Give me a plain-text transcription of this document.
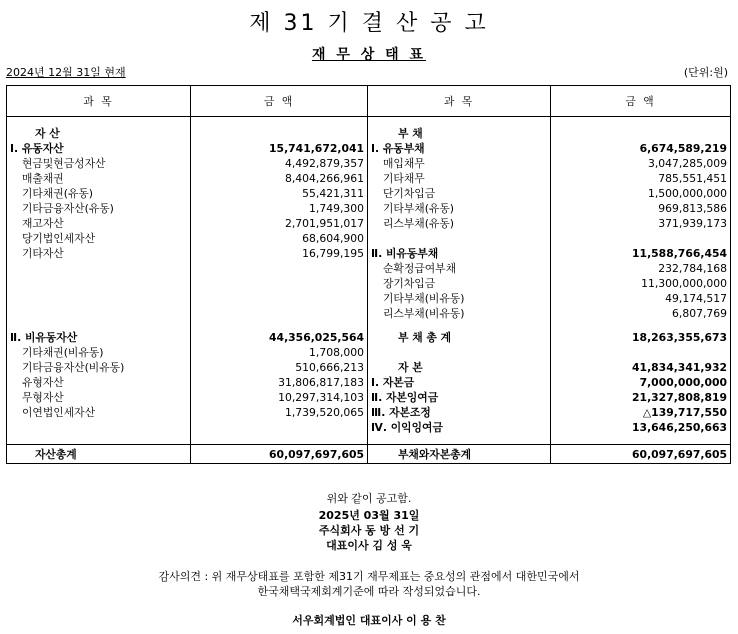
제 31 기 결 산 공 고
재 무 상 태 표
2024년 12월 31일 현재	(단위:원)
과 목	금 액	과 목	금 액

자 산		부 채	
Ⅰ. 유동자산	15,741,672,041	Ⅰ. 유동부채	6,674,589,219
현금및현금성자산	4,492,879,357	매입채무	3,047,285,009
매출채권	8,404,266,961	기타채무	785,551,451
기타채권(유동)	55,421,311	단기차입금	1,500,000,000
기타금융자산(유동)	1,749,300	기타부채(유동)	969,813,586
재고자산	2,701,951,017	리스부채(유동)	371,939,173
당기법인세자산	68,604,900		
기타자산	16,799,195	Ⅱ. 비유동부채	11,588,766,454
		순확정급여부채	232,784,168
		장기차입금	11,300,000,000
		기타부채(비유동)	49,174,517
		리스부채(비유동)	6,807,769

Ⅱ. 비유동자산	44,356,025,564	부 채 총 계	18,263,355,673
기타채권(비유동)	1,708,000		
기타금융자산(비유동)	510,666,213	자 본	41,834,341,932
유형자산	31,806,817,183	Ⅰ. 자본금	7,000,000,000
무형자산	10,297,314,103	Ⅱ. 자본잉여금	21,327,808,819
이연법인세자산	1,739,520,065	Ⅲ. 자본조정	△139,717,550
		Ⅳ. 이익잉여금	13,646,250,663

자산총계	60,097,697,605	부채와자본총계	60,097,697,605
위와 같이 공고함.
2025년 03월 31일
주식회사 동 방 선 기
대표이사 김 성 욱
감사의견 : 위 재무상태표를 포함한 제31기 재무제표는 중요성의 관점에서 대한민국에서
한국채택국제회계기준에 따라 작성되었습니다.
서우회계법인 대표이사 이 용 찬
